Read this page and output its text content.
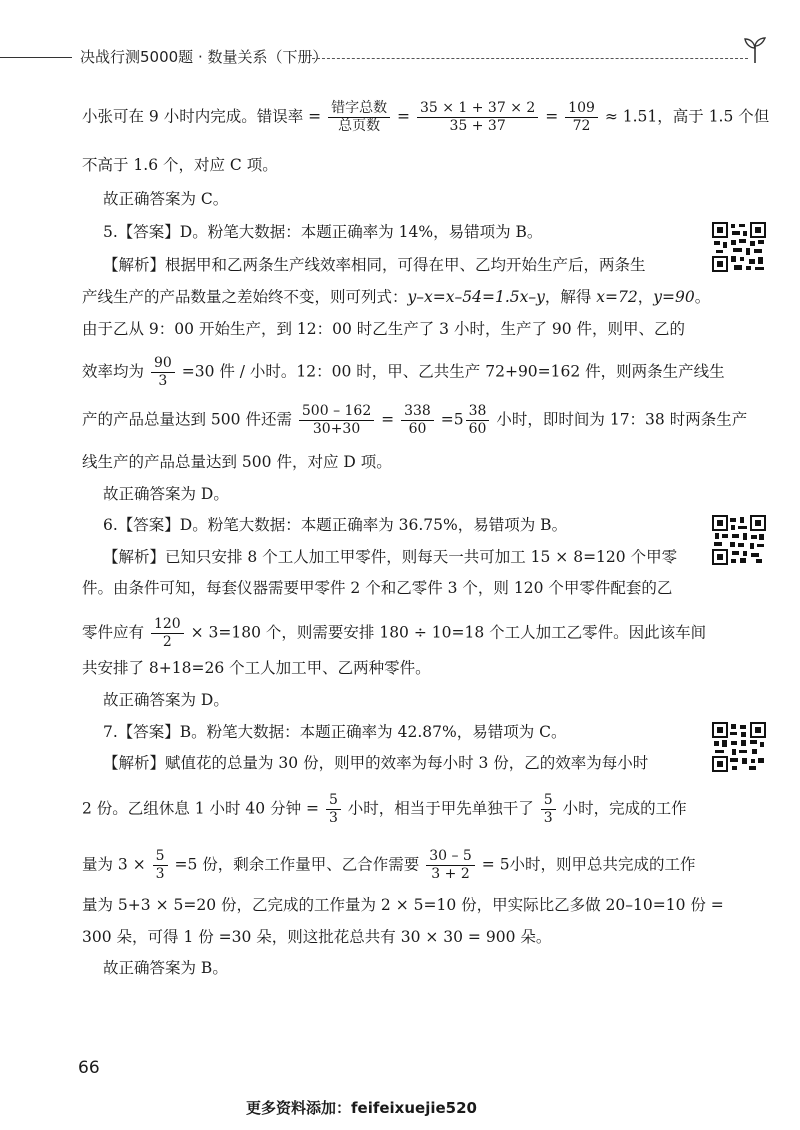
决战行测5000题 · 数量关系（下册）
小张可在 9 小时内完成。错误率 = $\frac{\text{错字总数}}{\text{总页数}} = \frac{35 \times 1 + 37 \times 2}{35 + 37} = \frac{109}{72} \approx 1.51$，高于 1.5 个但
不高于 1.6 个，对应 C 项。
故正确答案为 C。
5.【答案】D。粉笔大数据：本题正确率为 14%，易错项为 B。
【解析】根据甲和乙两条生产线效率相同，可得在甲、乙均开始生产后，两条生
产线生产的产品数量之差始终不变，则可列式：y–x=x–54=1.5x–y，解得 x=72，y=90。
由于乙从 9：00 开始生产，到 12：00 时乙生产了 3 小时，生产了 90 件，则甲、乙的
效率均为 $\frac{90}{3} =30$ 件 / 小时。12：00 时，甲、乙共生产 72+90=162 件，则两条生产线生
产的产品总量达到 500 件还需 $\frac{500 - 162}{30+30} = \frac{338}{60} =5 \frac{38}{60}$ 小时，即时间为 17：38 时两条生产
线生产的产品总量达到 500 件，对应 D 项。
故正确答案为 D。
6.【答案】D。粉笔大数据：本题正确率为 36.75%，易错项为 B。
【解析】已知只安排 8 个工人加工甲零件，则每天一共可加工 15 × 8=120 个甲零
件。由条件可知，每套仪器需要甲零件 2 个和乙零件 3 个，则 120 个甲零件配套的乙
零件应有 $\frac{120}{2} \times 3=180$ 个，则需要安排 180 ÷ 10=18 个工人加工乙零件。因此该车间
共安排了 8+18=26 个工人加工甲、乙两种零件。
故正确答案为 D。
7.【答案】B。粉笔大数据：本题正确率为 42.87%，易错项为 C。
【解析】赋值花的总量为 30 份，则甲的效率为每小时 3 份，乙的效率为每小时
2 份。乙组休息 1 小时 40 分钟 = $\frac{5}{3}$ 小时，相当于甲先单独干了 $\frac{5}{3}$ 小时，完成的工作
量为 $3 \times \frac{5}{3} =5$ 份，剩余工作量甲、乙合作需要 $\frac{30 - 5}{3 + 2} = 5$小时，则甲总共完成的工作
量为 5+3 × 5=20 份，乙完成的工作量为 2 × 5=10 份，甲实际比乙多做 20–10=10 份 =
300 朵，可得 1 份 =30 朵，则这批花总共有 30 × 30 = 900 朵。
故正确答案为 B。
66
更多资料添加：feifeixuejie520
